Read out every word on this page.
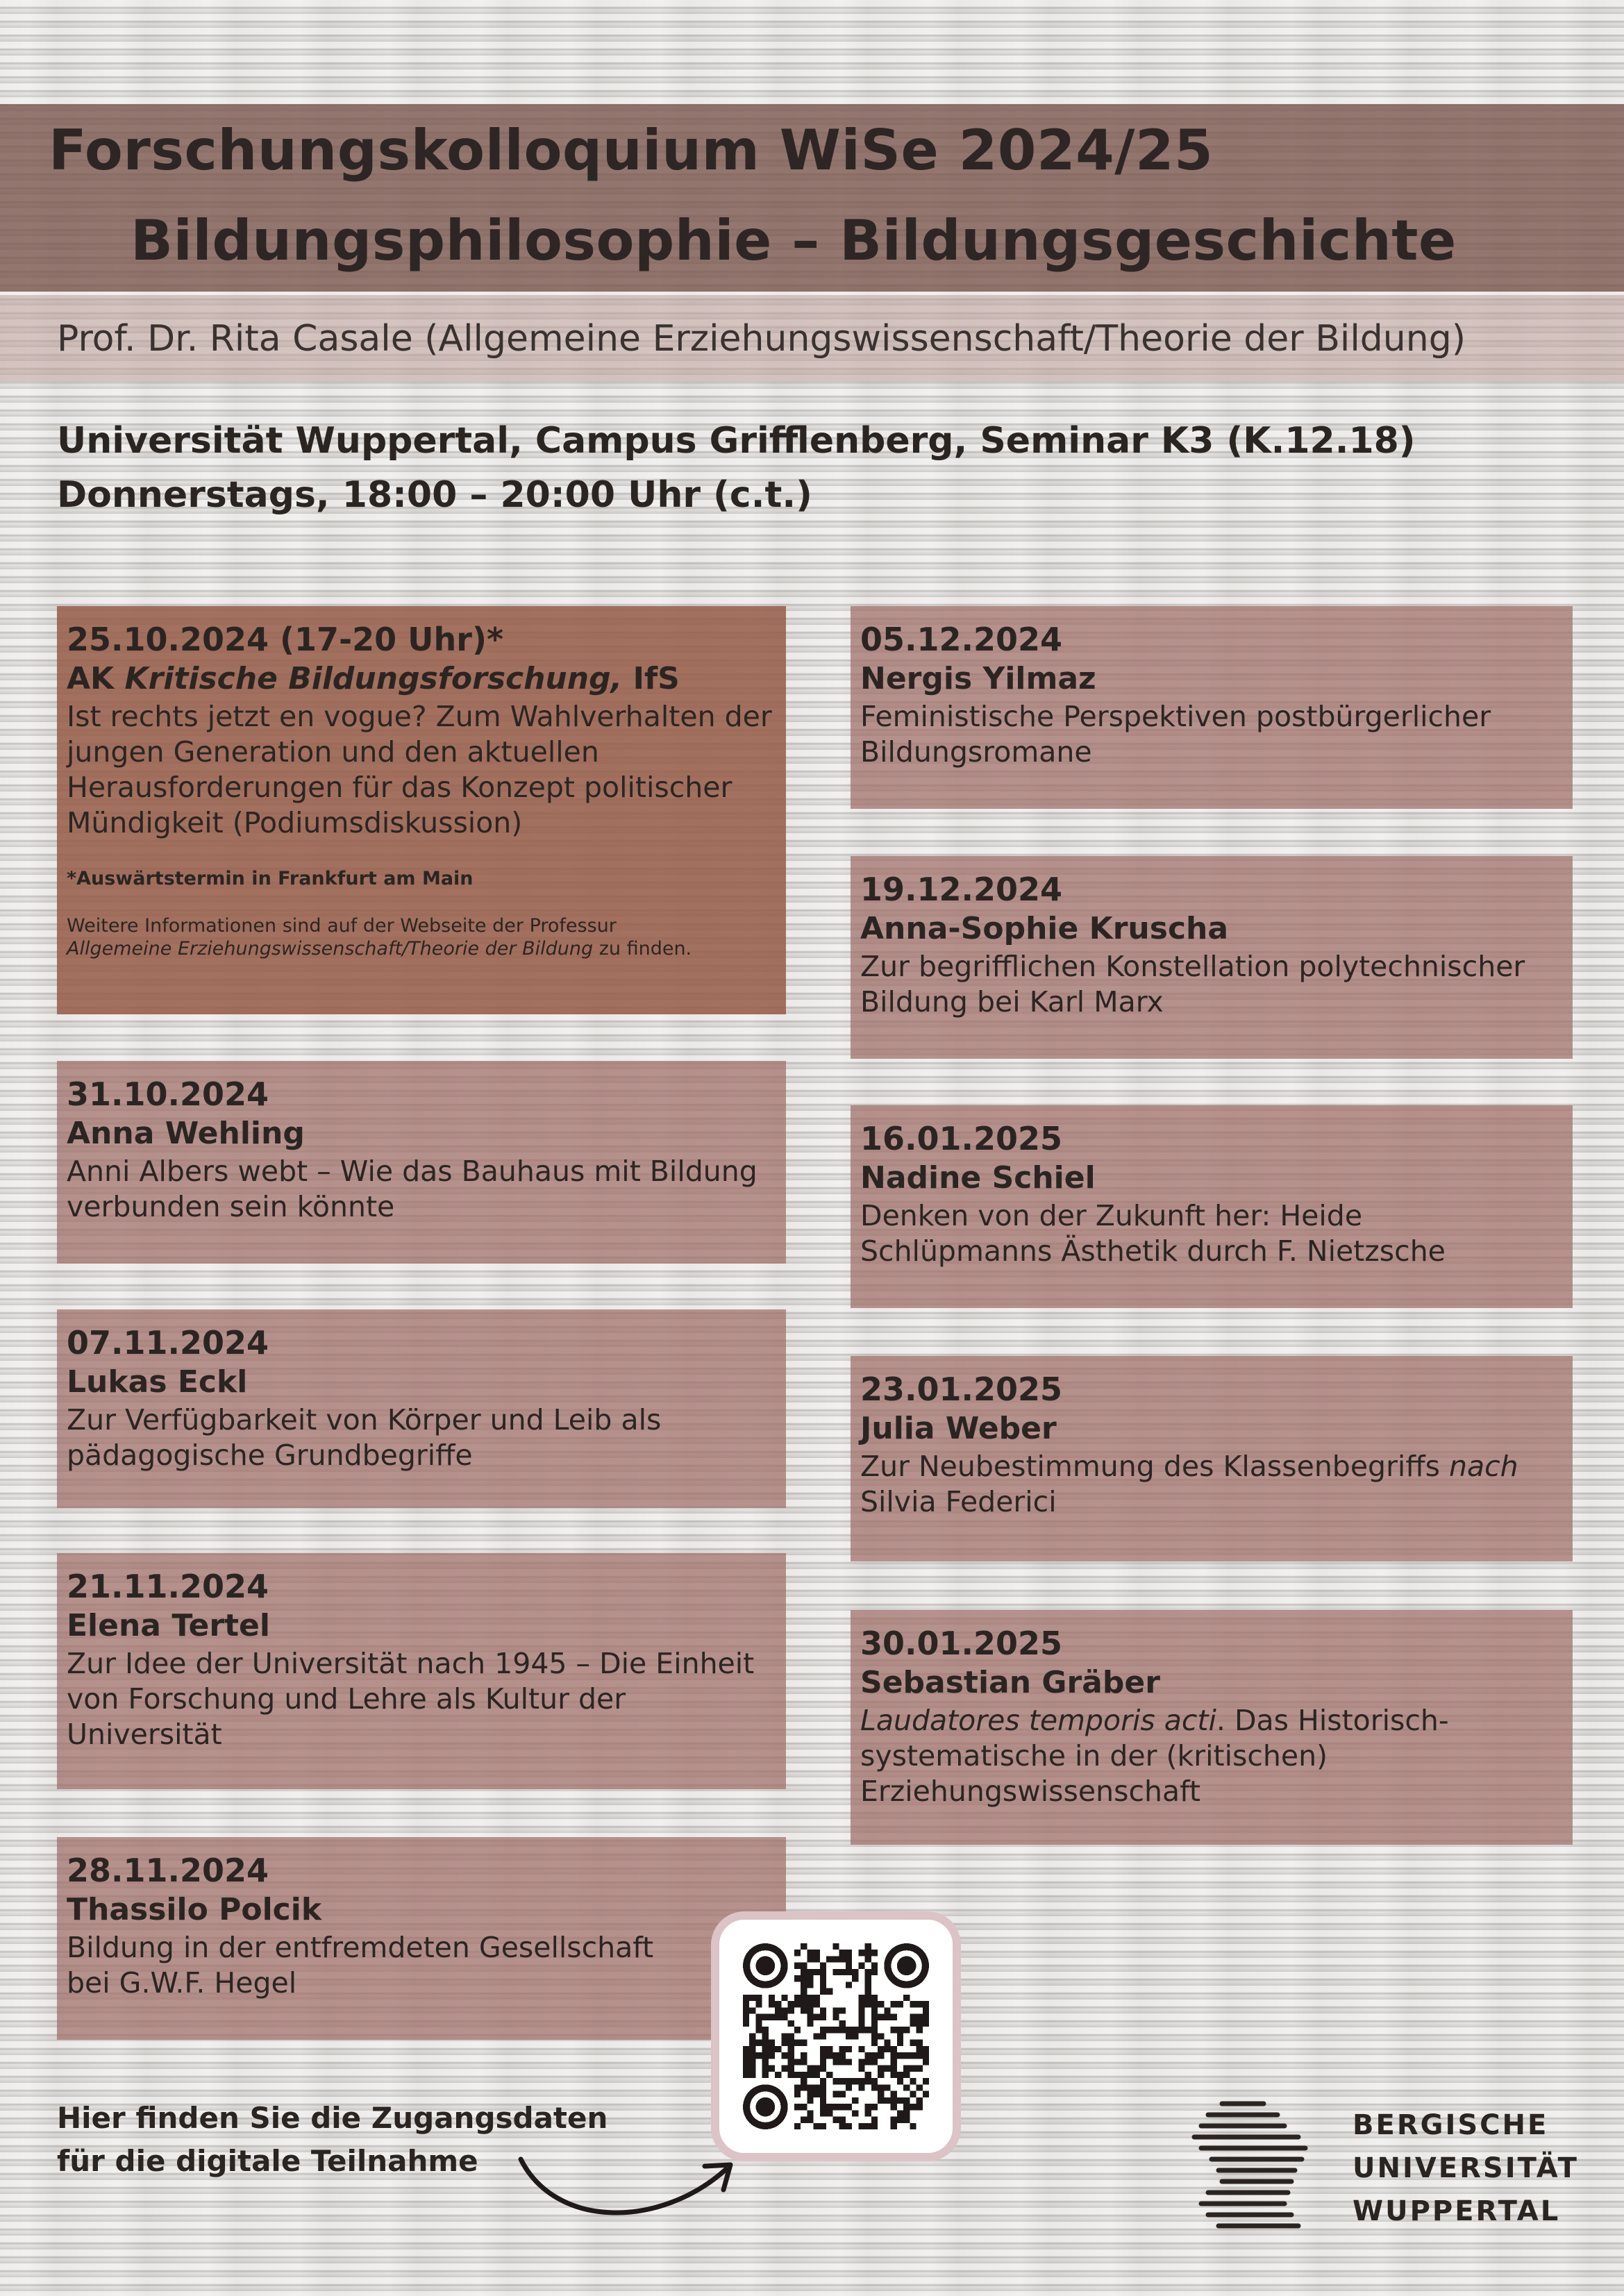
Forschungskolloquium WiSe 2024/25
Bildungsphilosophie – Bildungsgeschichte
Prof. Dr. Rita Casale (Allgemeine Erziehungswissenschaft/Theorie der Bildung)
Universität Wuppertal, Campus Grifflenberg, Seminar K3 (K.12.18)
Donnerstags, 18:00 – 20:00 Uhr (c.t.)
25.10.2024 (17-20 Uhr)*
AK Kritische Bildungsforschung, IfS
Ist rechts jetzt en vogue? Zum Wahlverhalten der jungen Generation und den aktuellen Herausforderungen für das Konzept politischer Mündigkeit (Podiumsdiskussion)
*Auswärtstermin in Frankfurt am Main
Weitere Informationen sind auf der Webseite der Professur
Allgemeine Erziehungswissenschaft/Theorie der Bildung zu finden.
31.10.2024
Anna Wehling
Anni Albers webt – Wie das Bauhaus mit Bildung verbunden sein könnte
07.11.2024
Lukas Eckl
Zur Verfügbarkeit von Körper und Leib als pädagogische Grundbegriffe
21.11.2024
Elena Tertel
Zur Idee der Universität nach 1945 – Die Einheit von Forschung und Lehre als Kultur der Universität
28.11.2024
Thassilo Polcik
Bildung in der entfremdeten Gesellschaft bei G.W.F. Hegel
05.12.2024
Nergis Yilmaz
Feministische Perspektiven postbürgerlicher Bildungsromane
19.12.2024
Anna-Sophie Kruscha
Zur begrifflichen Konstellation polytechnischer Bildung bei Karl Marx
16.01.2025
Nadine Schiel
Denken von der Zukunft her: Heide Schlüpmanns Ästhetik durch F. Nietzsche
23.01.2025
Julia Weber
Zur Neubestimmung des Klassenbegriffs nach Silvia Federici
30.01.2025
Sebastian Gräber
Laudatores temporis acti. Das Historisch-systematische in der (kritischen) Erziehungswissenschaft
Hier finden Sie die Zugangsdaten
für die digitale Teilnahme
BERGISCHE
UNIVERSITÄT
WUPPERTAL
